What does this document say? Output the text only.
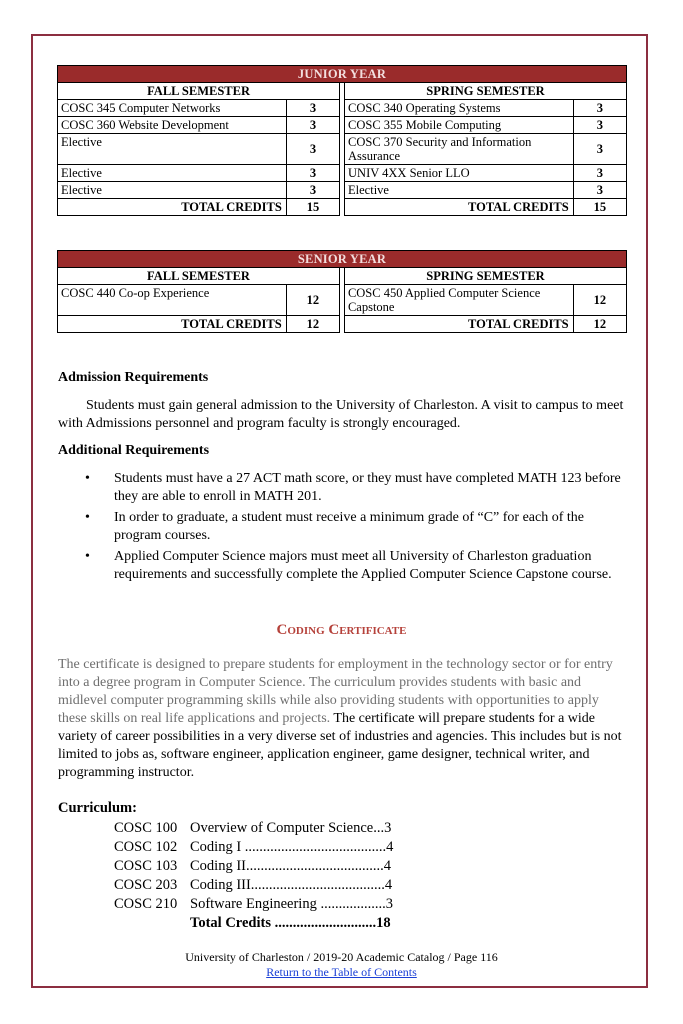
JUNIOR YEAR				
FALL SEMESTER			SPRING SEMESTER	
COSC 345 Computer Networks	3		COSC 340 Operating Systems	3
COSC 360 Website Development	3		COSC 355 Mobile Computing	3
Elective	3		COSC 370 Security and Information Assurance	3
Elective	3		UNIV 4XX Senior LLO	3
Elective	3		Elective	3
TOTAL CREDITS	15		TOTAL CREDITS	15
SENIOR YEAR				
FALL SEMESTER			SPRING SEMESTER	
COSC 440 Co-op Experience	12		COSC 450 Applied Computer Science Capstone	12
TOTAL CREDITS	12		TOTAL CREDITS	12
Admission Requirements
Students must gain general admission to the University of Charleston. A visit to campus to meet with Admissions personnel and program faculty is strongly encouraged.
Additional Requirements
• Students must have a 27 ACT math score, or they must have completed MATH 123 before they are able to enroll in MATH 201.
• In order to graduate, a student must receive a minimum grade of “C” for each of the program courses.
• Applied Computer Science majors must meet all University of Charleston graduation requirements and successfully complete the Applied Computer Science Capstone course.
Coding Certificate
The certificate is designed to prepare students for employment in the technology sector or for entry into a degree program in Computer Science. The curriculum provides students with basic and midlevel computer programming skills while also providing students with opportunities to apply these skills on real life applications and projects. The certificate will prepare students for a wide variety of career possibilities in a very diverse set of industries and agencies. This includes but is not limited to jobs as, software engineer, application engineer, game designer, technical writer, and programming instructor.
Curriculum:
COSC 100 Overview of Computer Science...3
COSC 102 Coding I .......................................4
COSC 103 Coding II......................................4
COSC 203 Coding III.....................................4
COSC 210 Software Engineering ..................3
Total Credits ............................18
University of Charleston / 2019-20 Academic Catalog / Page 116
Return to the Table of Contents
